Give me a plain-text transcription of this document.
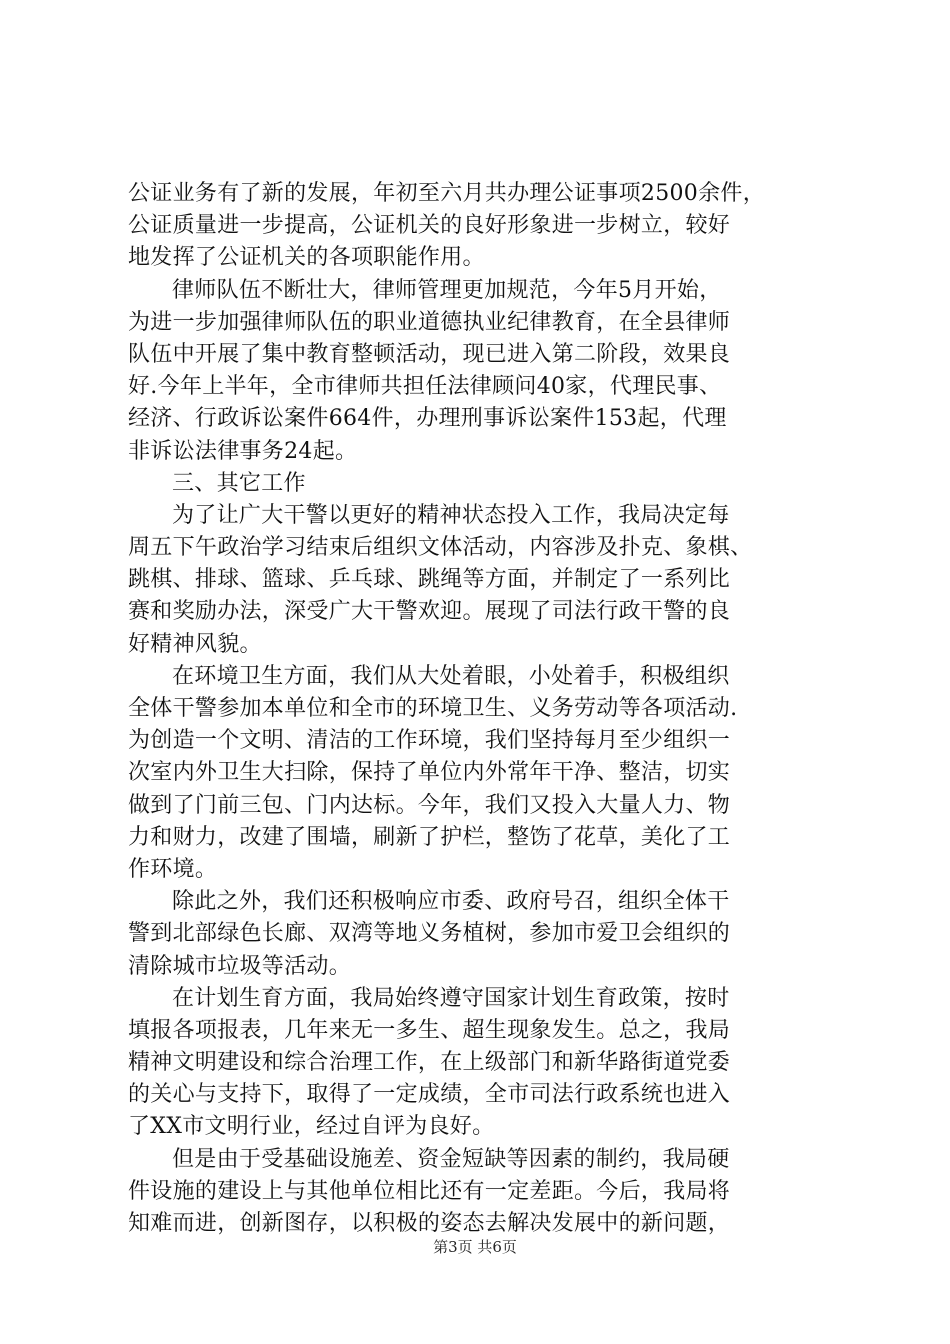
公证业务有了新的发展，年初至六月共办理公证事项2500余件，
公证质量进一步提高，公证机关的良好形象进一步树立，较好
地发挥了公证机关的各项职能作用。
律师队伍不断壮大，律师管理更加规范，今年5月开始，
为进一步加强律师队伍的职业道德执业纪律教育，在全县律师
队伍中开展了集中教育整顿活动，现已进入第二阶段，效果良
好.今年上半年，全市律师共担任法律顾问40家，代理民事、
经济、行政诉讼案件664件，办理刑事诉讼案件153起，代理
非诉讼法律事务24起。
三、其它工作
为了让广大干警以更好的精神状态投入工作，我局决定每
周五下午政治学习结束后组织文体活动，内容涉及扑克、象棋、
跳棋、排球、篮球、乒乓球、跳绳等方面，并制定了一系列比
赛和奖励办法，深受广大干警欢迎。展现了司法行政干警的良
好精神风貌。
在环境卫生方面，我们从大处着眼，小处着手，积极组织
全体干警参加本单位和全市的环境卫生、义务劳动等各项活动.
为创造一个文明、清洁的工作环境，我们坚持每月至少组织一
次室内外卫生大扫除，保持了单位内外常年干净、整洁，切实
做到了门前三包、门内达标。今年，我们又投入大量人力、物
力和财力，改建了围墙，刷新了护栏，整饬了花草，美化了工
作环境。
除此之外，我们还积极响应市委、政府号召，组织全体干
警到北部绿色长廊、双湾等地义务植树，参加市爱卫会组织的
清除城市垃圾等活动。
在计划生育方面，我局始终遵守国家计划生育政策，按时
填报各项报表，几年来无一多生、超生现象发生。总之，我局
精神文明建设和综合治理工作，在上级部门和新华路街道党委
的关心与支持下，取得了一定成绩，全市司法行政系统也进入
了XX市文明行业，经过自评为良好。
但是由于受基础设施差、资金短缺等因素的制约，我局硬
件设施的建设上与其他单位相比还有一定差距。今后，我局将
知难而进，创新图存，以积极的姿态去解决发展中的新问题，
第3页 共6页
